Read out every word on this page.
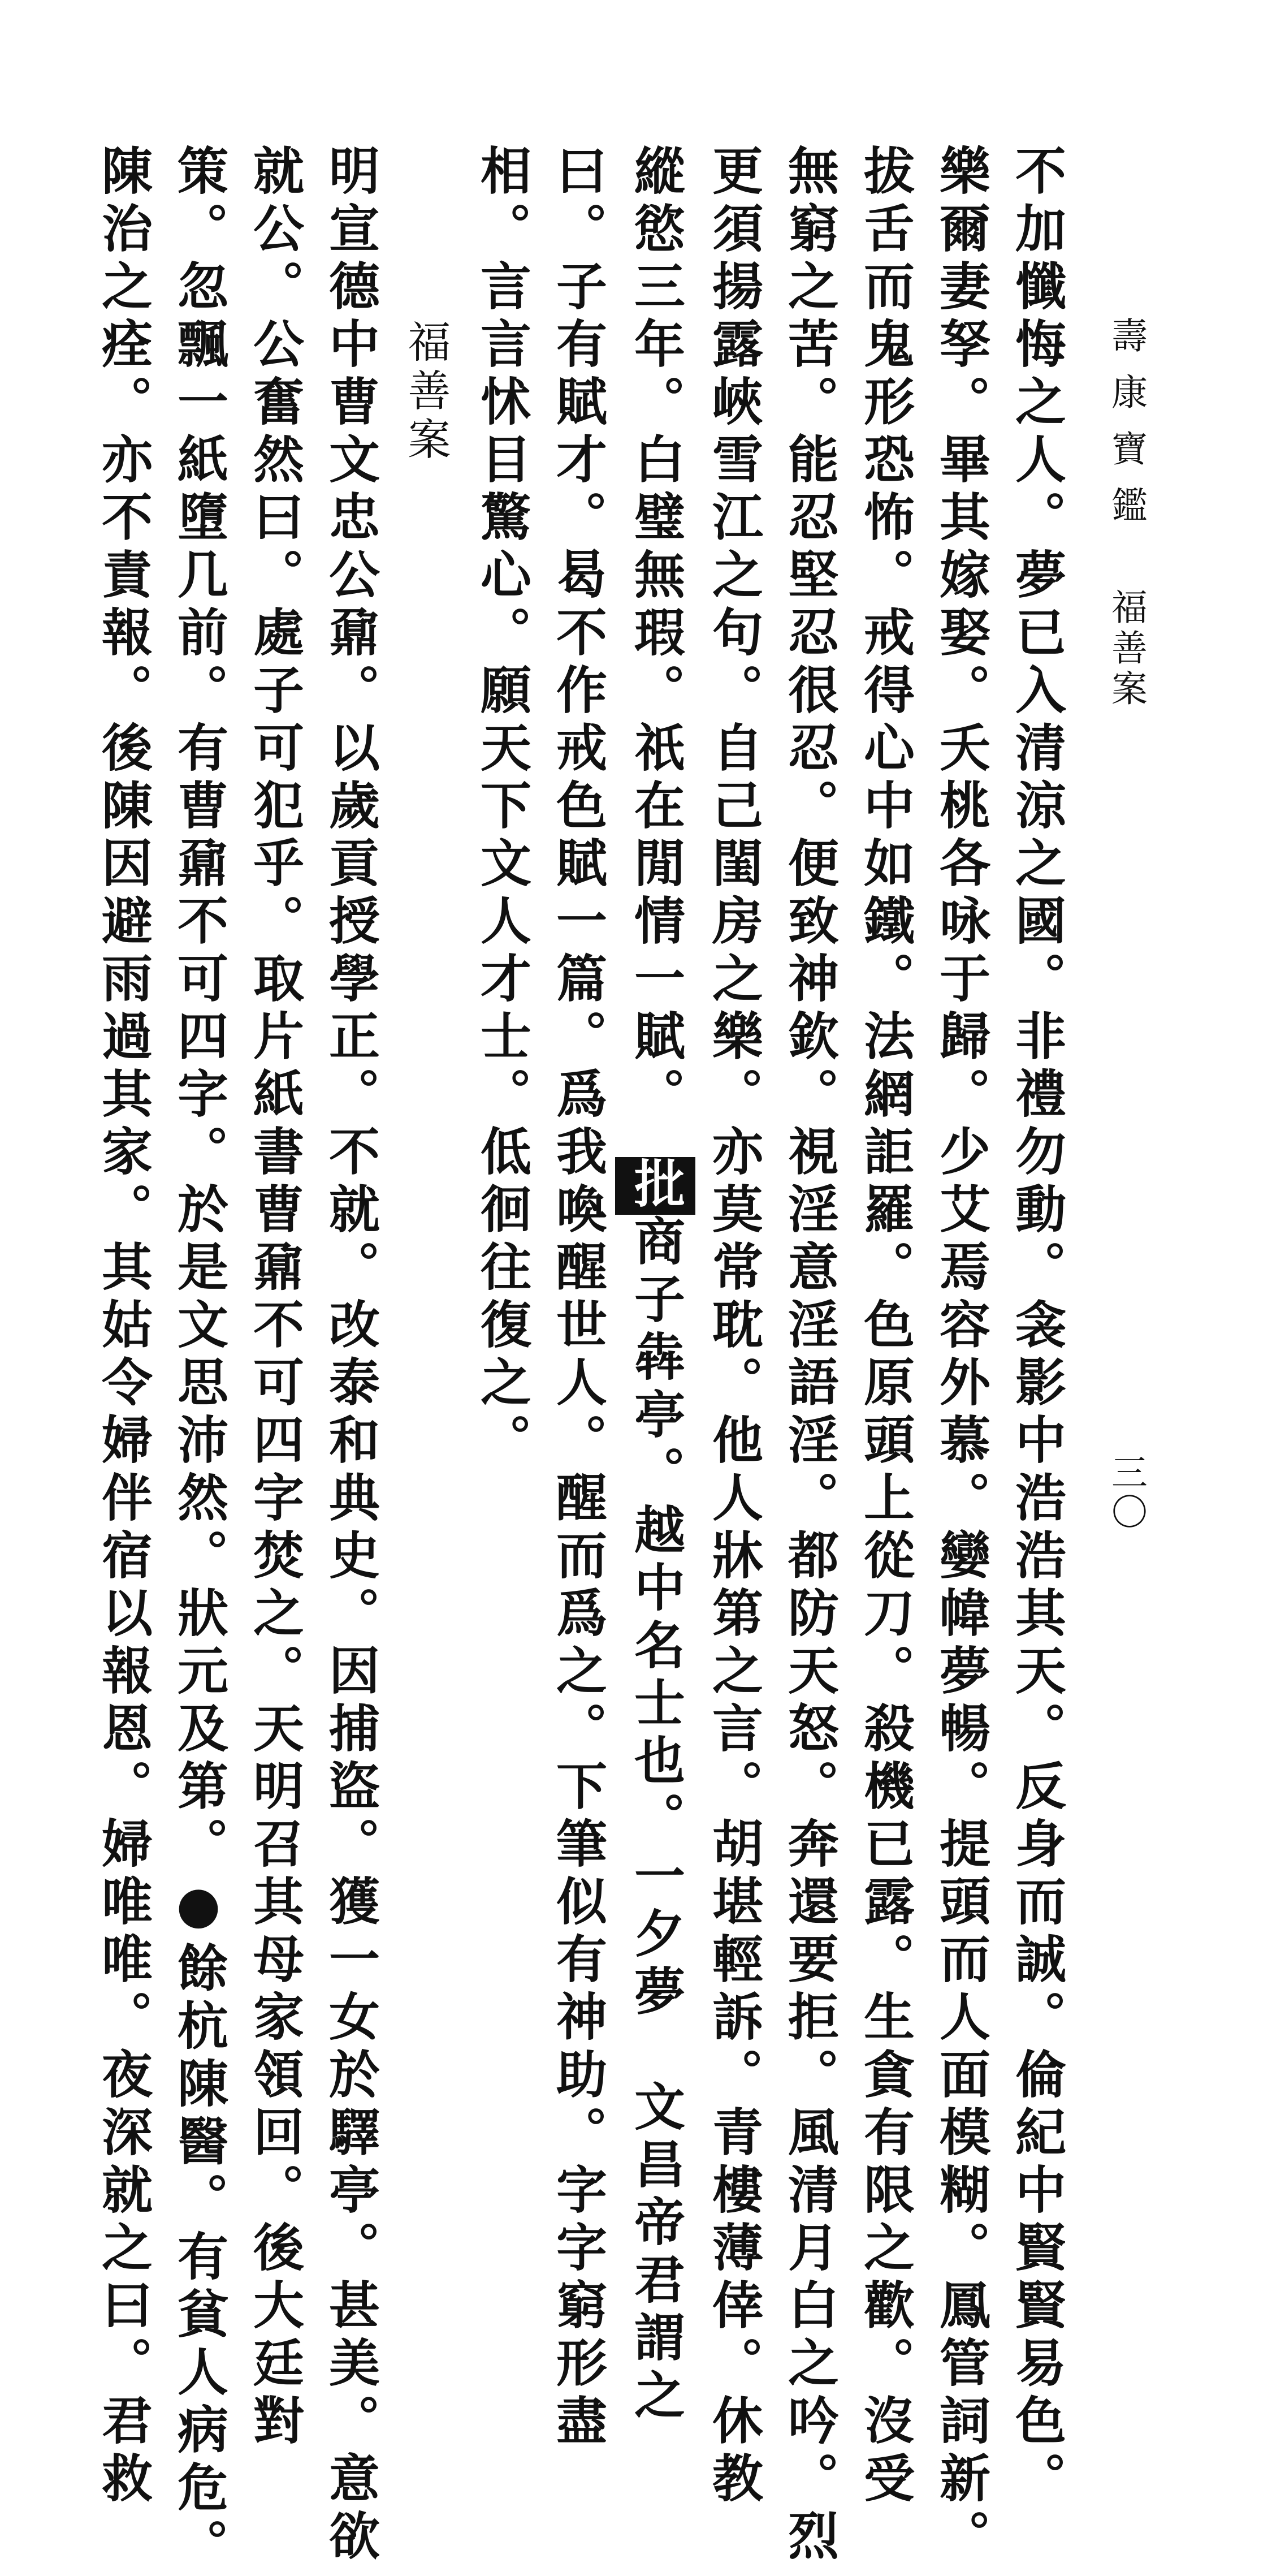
壽康寶鑑
福善案
三〇
不加懺悔之人。夢已入清涼之國。非禮勿動。衾影中浩浩其天。反身而誠。倫紀中賢賢易色。
樂爾妻孥。畢其嫁娶。夭桃各咏于歸。少艾焉容外慕。孌幃夢暢。提頭而人面模糊。鳳管詞新。
拔舌而鬼形恐怖。戒得心中如鐵。法網詎羅。色原頭上從刀。殺機已露。生貪有限之歡。沒受
無窮之苦。能忍堅忍很忍。便致神欽。視淫意淫語淫。都防天怒。奔還要拒。風清月白之吟。烈
更須揚露峽雪江之句。自己閨房之樂。亦莫常耽。他人牀第之言。胡堪輕訴。青樓薄倖。休教
縱慾三年。白璧無瑕。祇在閒情一賦。　批商子犇亭。越中名士也。一夕夢　文昌帝君謂之
曰。子有賦才。曷不作戒色賦一篇。爲我喚醒世人。醒而爲之。下筆似有神助。字字窮形盡
相。言言怵目驚心。願天下文人才士。低徊往復之。
福善案
明宣德中曹文忠公鼐。以歲貢授學正。不就。改泰和典史。因捕盜。獲一女於驛亭。甚美。意欲
就公。公奮然曰。處子可犯乎。取片紙書曹鼐不可四字焚之。天明召其母家領回。後大廷對
策。忽飄一紙墮几前。有曹鼐不可四字。於是文思沛然。狀元及第。●餘杭陳醫。有貧人病危。
陳治之痊。亦不責報。後陳因避雨過其家。其姑令婦伴宿以報恩。婦唯唯。夜深就之曰。君救
